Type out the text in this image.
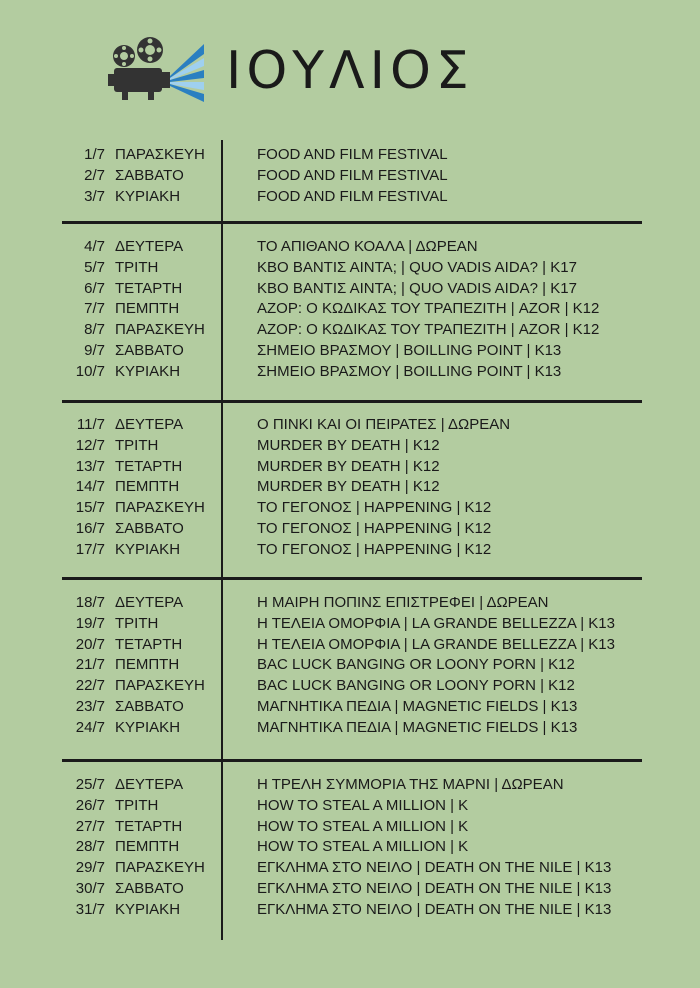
ΙΟΥΛΙΟΣ
1/7 ΠΑΡΑΣΚΕΥΗ	FOOD AND FILM FESTIVAL
2/7 ΣΑΒΒΑΤΟ	FOOD AND FILM FESTIVAL
3/7 ΚΥΡΙΑΚΗ	FOOD AND FILM FESTIVAL
4/7 ΔΕΥΤΕΡΑ	ΤΟ ΑΠΙΘΑΝΟ ΚΟΑΛΑ | ΔΩΡΕΑΝ
5/7 ΤΡΙΤΗ	ΚΒΟ ΒΑΝΤΙΣ ΑΙΝΤΑ; | QUO VADIS AIDA? | K17
6/7 ΤΕΤΑΡΤΗ	ΚΒΟ ΒΑΝΤΙΣ ΑΙΝΤΑ; | QUO VADIS AIDA? | K17
7/7 ΠΕΜΠΤΗ	AZOP: Ο ΚΩΔΙΚΑΣ ΤΟΥ ΤΡΑΠΕΖΙΤΗ | AZOR | K12
8/7 ΠΑΡΑΣΚΕΥΗ	AZOP: Ο ΚΩΔΙΚΑΣ ΤΟΥ ΤΡΑΠΕΖΙΤΗ | AZOR | K12
9/7 ΣΑΒΒΑΤΟ	ΣΗΜΕΙΟ ΒΡΑΣΜΟΥ | BOILLING POINT | K13
10/7 ΚΥΡΙΑΚΗ	ΣΗΜΕΙΟ ΒΡΑΣΜΟΥ | BOILLING POINT | K13
11/7 ΔΕΥΤΕΡΑ	Ο ΠΙΝΚΙ ΚΑΙ ΟΙ ΠΕΙΡΑΤΕΣ | ΔΩΡΕΑΝ
12/7 ΤΡΙΤΗ	MURDER BY DEATH | K12
13/7 ΤΕΤΑΡΤΗ	MURDER BY DEATH | K12
14/7 ΠΕΜΠΤΗ	MURDER BY DEATH | K12
15/7 ΠΑΡΑΣΚΕΥΗ	ΤΟ ΓΕΓΟΝΟΣ | HAPPENING | K12
16/7 ΣΑΒΒΑΤΟ	ΤΟ ΓΕΓΟΝΟΣ | HAPPENING | K12
17/7 ΚΥΡΙΑΚΗ	ΤΟ ΓΕΓΟΝΟΣ | HAPPENING | K12
18/7 ΔΕΥΤΕΡΑ	Η ΜΑΙΡΗ ΠΟΠΙΝΣ ΕΠΙΣΤΡΕΦΕΙ | ΔΩΡΕΑΝ
19/7 ΤΡΙΤΗ	Η ΤΕΛΕΙΑ ΟΜΟΡΦΙΑ | LA GRANDE BELLEZZA | K13
20/7 ΤΕΤΑΡΤΗ	Η ΤΕΛΕΙΑ ΟΜΟΡΦΙΑ | LA GRANDE BELLEZZA | K13
21/7 ΠΕΜΠΤΗ	BAC LUCK BANGING OR LOONY PORN | K12
22/7 ΠΑΡΑΣΚΕΥΗ	BAC LUCK BANGING OR LOONY PORN | K12
23/7 ΣΑΒΒΑΤΟ	ΜΑΓΝΗΤΙΚΑ ΠΕΔΙΑ | MAGNETIC FIELDS | K13
24/7 ΚΥΡΙΑΚΗ	ΜΑΓΝΗΤΙΚΑ ΠΕΔΙΑ | MAGNETIC FIELDS | K13
25/7 ΔΕΥΤΕΡΑ	Η ΤΡΕΛΗ ΣΥΜΜΟΡΙΑ ΤΗΣ ΜΑΡΝΙ | ΔΩΡΕΑΝ
26/7 ΤΡΙΤΗ	HOW TO STEAL A MILLION | K
27/7 ΤΕΤΑΡΤΗ	HOW TO STEAL A MILLION | K
28/7 ΠΕΜΠΤΗ	HOW TO STEAL A MILLION | K
29/7 ΠΑΡΑΣΚΕΥΗ	ΕΓΚΛΗΜΑ ΣΤΟ ΝΕΙΛΟ | DEATH ON THE NILE | K13
30/7 ΣΑΒΒΑΤΟ	ΕΓΚΛΗΜΑ ΣΤΟ ΝΕΙΛΟ | DEATH ON THE NILE | K13
31/7 ΚΥΡΙΑΚΗ	ΕΓΚΛΗΜΑ ΣΤΟ ΝΕΙΛΟ | DEATH ON THE NILE | K13
